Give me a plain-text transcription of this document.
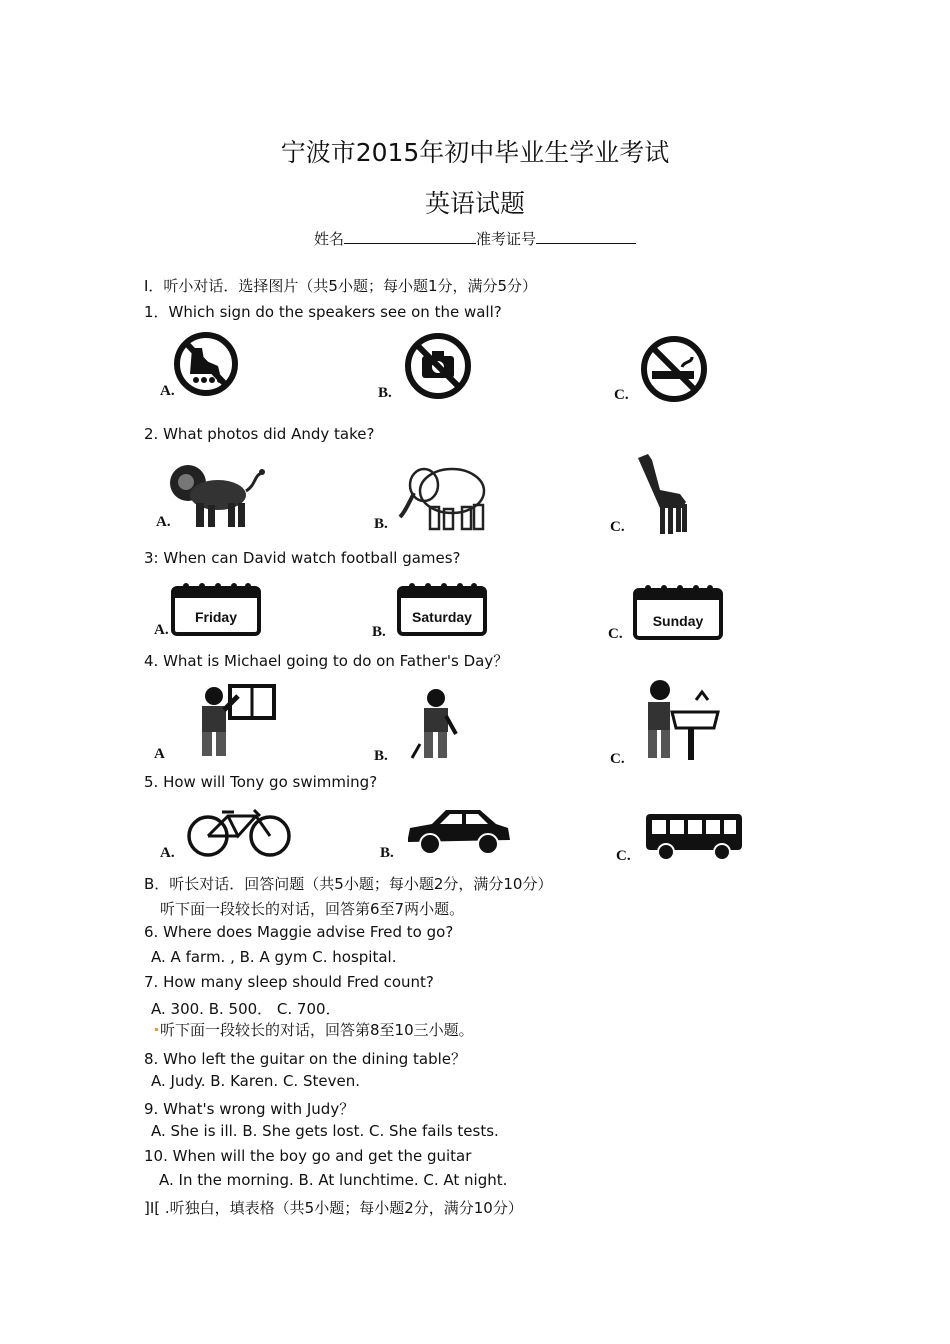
宁波市2015年初中毕业生学业考试
英语试题
姓名	准考证号
I．听小对话．选择图片（共5小题；每小题1分，满分5分）
1．Which sign do the speakers see on the wall?
A.	B.	C.
2. What photos did Andy take?
A.	B.	C.
3: When can David watch football games?
Friday
A.
Saturday
B.
Sunday
C.
4. What is Michael going to do on Father's Day？
A	B.	C.
5. How will Tony go swimming?
A.	B.	C.
B．听长对话．回答问题（共5小题；每小题2分，满分10分）
听下面一段较长的对话，回答第6至7两小题。
6. Where does Maggie advise Fred to go?
A. A farm. , B. A gym C. hospital.
7. How many sleep should Fred count?
A. 300. B. 500． C. 700．
听下面一段较长的对话，回答第8至10三小题。
8. Who left the guitar on the dining table？
A. Judy. B. Karen. C. Steven.
9. What's wrong with Judy？
A. She is ill. B. She gets lost. C. She fails tests.
10. When will the boy go and get the guitar
A. In the morning. B. At lunchtime. C. At night.
]I[ .听独白，填表格（共5小题；每小题2分，满分10分）
